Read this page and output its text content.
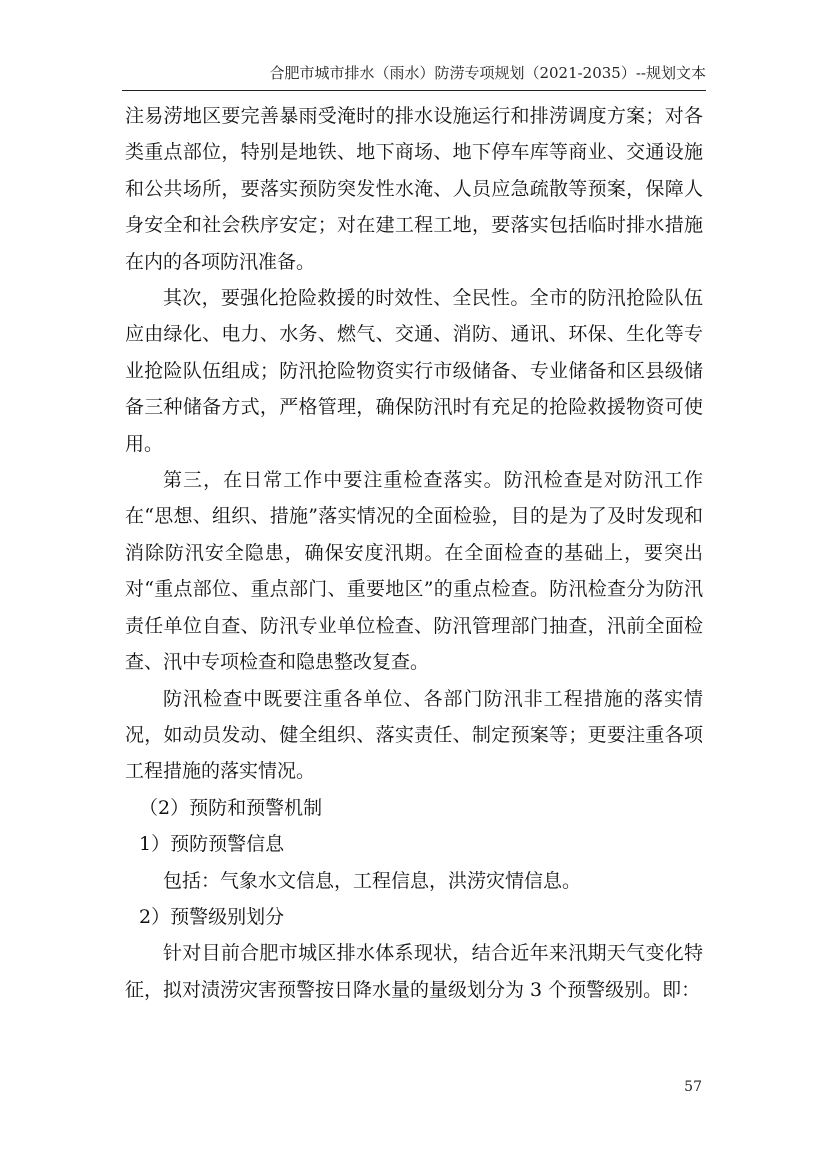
合肥市城市排水（雨水）防涝专项规划（2021-2035）--规划文本

注易涝地区要完善暴雨受淹时的排水设施运行和排涝调度方案；对各类重点部位，特别是地铁、地下商场、地下停车库等商业、交通设施和公共场所，要落实预防突发性水淹、人员应急疏散等预案，保障人身安全和社会秩序安定；对在建工程工地，要落实包括临时排水措施在内的各项防汛准备。

其次，要强化抢险救援的时效性、全民性。全市的防汛抢险队伍应由绿化、电力、水务、燃气、交通、消防、通讯、环保、生化等专业抢险队伍组成；防汛抢险物资实行市级储备、专业储备和区县级储备三种储备方式，严格管理，确保防汛时有充足的抢险救援物资可使用。

第三，在日常工作中要注重检查落实。防汛检查是对防汛工作在“思想、组织、措施”落实情况的全面检验，目的是为了及时发现和消除防汛安全隐患，确保安度汛期。在全面检查的基础上，要突出对“重点部位、重点部门、重要地区”的重点检查。防汛检查分为防汛责任单位自查、防汛专业单位检查、防汛管理部门抽查，汛前全面检查、汛中专项检查和隐患整改复查。

防汛检查中既要注重各单位、各部门防汛非工程措施的落实情况，如动员发动、健全组织、落实责任、制定预案等；更要注重各项工程措施的落实情况。

（2）预防和预警机制

1）预防预警信息

包括：气象水文信息，工程信息，洪涝灾情信息。

2）预警级别划分

针对目前合肥市城区排水体系现状，结合近年来汛期天气变化特征，拟对渍涝灾害预警按日降水量的量级划分为 3 个预警级别。即：

57
